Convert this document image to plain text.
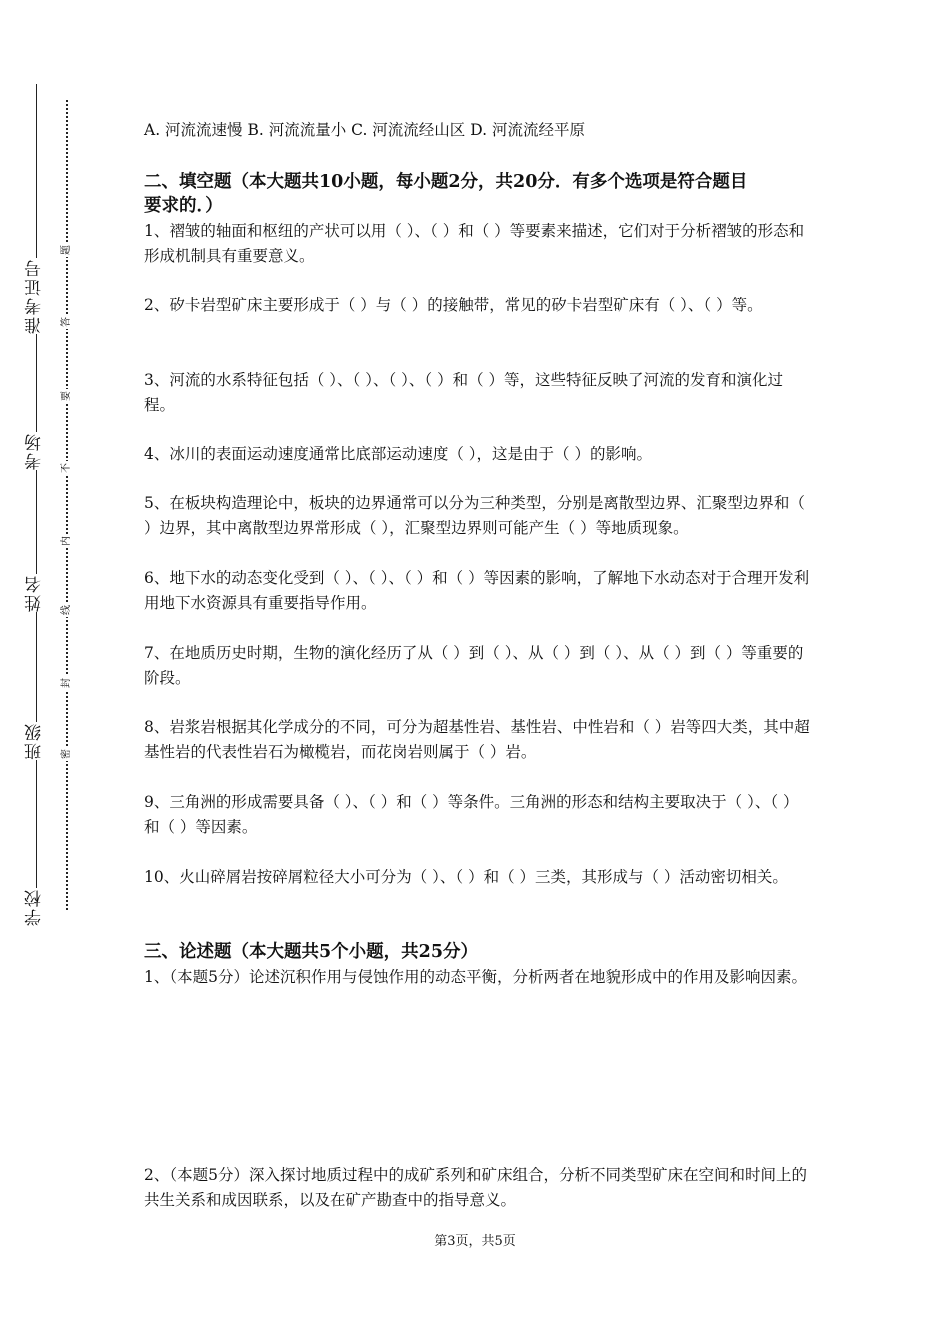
准考证号
考场
姓名
班级
学校
题
答
要
不
内
线
封
密
A. 河流流速慢 B. 河流流量小 C. 河流流经山区 D. 河流流经平原
二、填空题（本大题共10小题，每小题2分，共20分．有多个选项是符合题目
要求的．）
1、褶皱的轴面和枢纽的产状可以用（ ）、（ ）和（ ）等要素来描述，它们对于分析褶皱的形态和形成机制具有重要意义。
2、矽卡岩型矿床主要形成于（ ）与（ ）的接触带，常见的矽卡岩型矿床有（ ）、（ ）等。
3、河流的水系特征包括（ ）、（ ）、（ ）、（ ）和（ ）等，这些特征反映了河流的发育和演化过程。
4、冰川的表面运动速度通常比底部运动速度（ ），这是由于（ ）的影响。
5、在板块构造理论中，板块的边界通常可以分为三种类型，分别是离散型边界、汇聚型边界和（ ）边界，其中离散型边界常形成（ ），汇聚型边界则可能产生（ ）等地质现象。
6、地下水的动态变化受到（ ）、（ ）、（ ）和（ ）等因素的影响，了解地下水动态对于合理开发利用地下水资源具有重要指导作用。
7、在地质历史时期，生物的演化经历了从（ ）到（ ）、从（ ）到（ ）、从（ ）到（ ）等重要的阶段。
8、岩浆岩根据其化学成分的不同，可分为超基性岩、基性岩、中性岩和（ ）岩等四大类，其中超基性岩的代表性岩石为橄榄岩，而花岗岩则属于（ ）岩。
9、三角洲的形成需要具备（ ）、（ ）和（ ）等条件。三角洲的形态和结构主要取决于（ ）、（ ）和（ ）等因素。
10、火山碎屑岩按碎屑粒径大小可分为（ ）、（ ）和（ ）三类，其形成与（ ）活动密切相关。
三、论述题（本大题共5个小题，共25分）
1、（本题5分）论述沉积作用与侵蚀作用的动态平衡，分析两者在地貌形成中的作用及影响因素。
2、（本题5分）深入探讨地质过程中的成矿系列和矿床组合，分析不同类型矿床在空间和时间上的共生关系和成因联系，以及在矿产勘查中的指导意义。
第3页，共5页
